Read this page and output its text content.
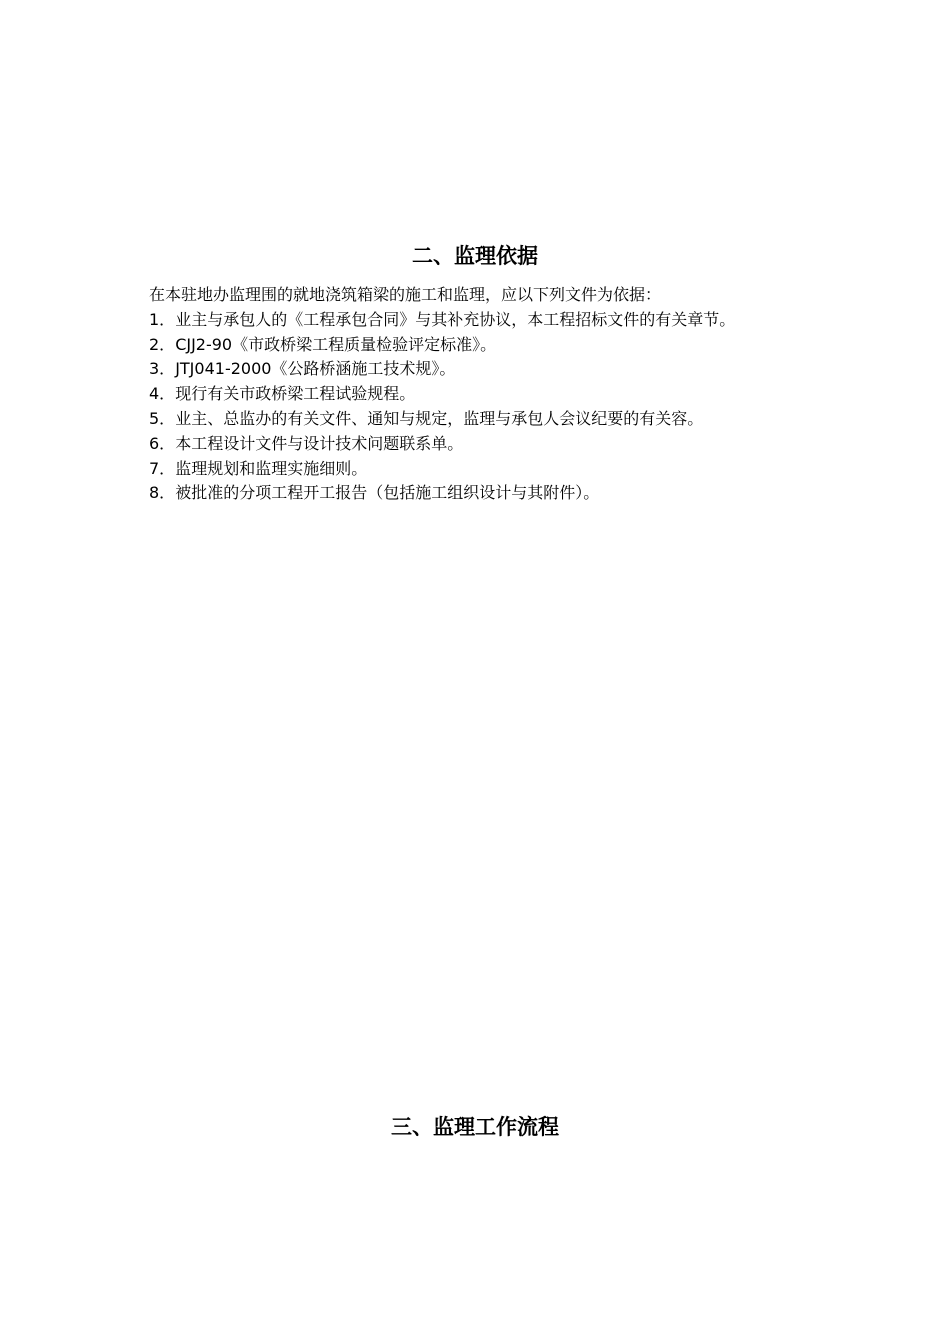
二、监理依据
在本驻地办监理围的就地浇筑箱梁的施工和监理，应以下列文件为依据：
1．业主与承包人的《工程承包合同》与其补充协议，本工程招标文件的有关章节。
2．CJJ2-90《市政桥梁工程质量检验评定标准》。
3．JTJ041-2000《公路桥涵施工技术规》。
4．现行有关市政桥梁工程试验规程。
5．业主、总监办的有关文件、通知与规定，监理与承包人会议纪要的有关容。
6．本工程设计文件与设计技术问题联系单。
7．监理规划和监理实施细则。
8．被批准的分项工程开工报告（包括施工组织设计与其附件）。
三、监理工作流程
